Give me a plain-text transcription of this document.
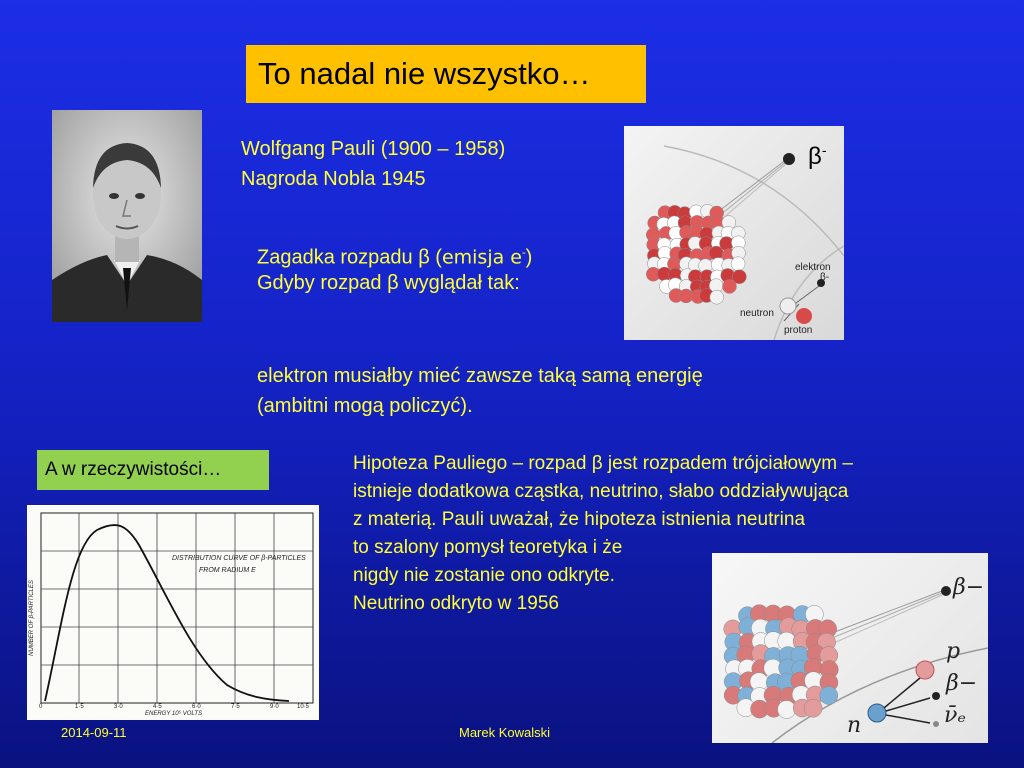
To nadal nie wszystko…
Wolfgang Pauli (1900 – 1958)
Nagroda Nobla 1945
Zagadka rozpadu β (emisja e-)
Gdyby rozpad β wyglądał tak:
β-
elektron
β-
neutron
proton
elektron musiałby mieć zawsze taką samą energię
(ambitni mogą policzyć).
A w rzeczywistości…	Hipoteza Pauliego – rozpad β jest rozpadem trójciałowym –
istnieje dodatkowa cząstka, neutrino, słabo oddziaływująca
z materią. Pauli uważał, że hipoteza istnienia neutrina
to szalony pomysł teoretyka i że
nigdy nie zostanie ono odkryte.
Neutrino odkryto w 1956
DISTRIBUTION CURVE OF β-PARTICLES
FROM RADIUM E
NUMBER OF β-PARTICLES
ENERGY 10⁵ VOLTS
0	1·5	3·0	4·5	6·0	7·5	9·0	10·5
β−
p
β−
ν̄ₑ
n
2014-09-11	Marek Kowalski
